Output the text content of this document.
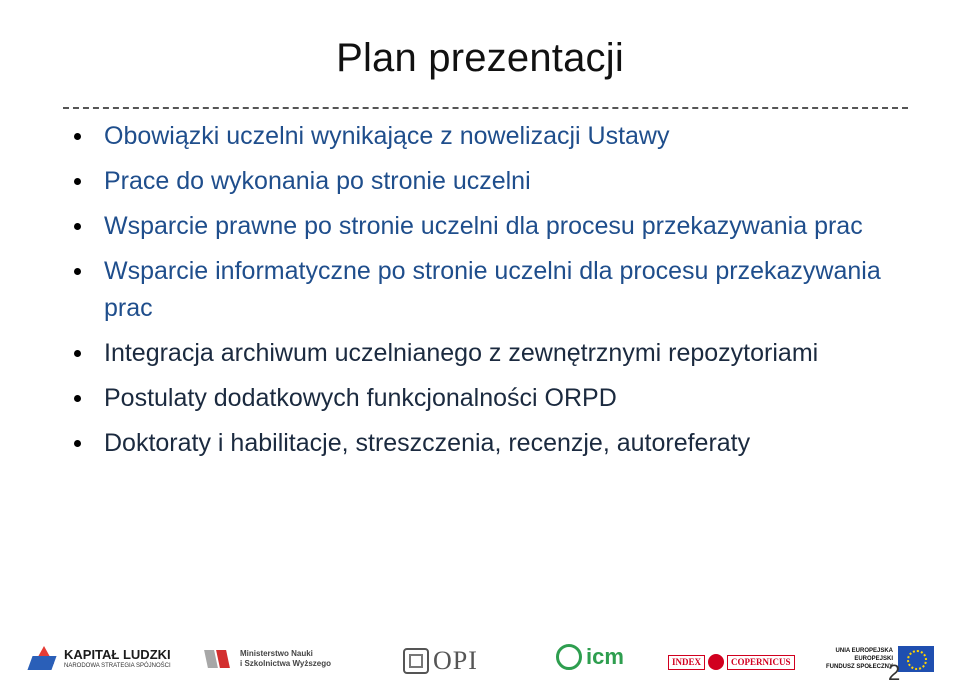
Plan prezentacji
Obowiązki uczelni wynikające z nowelizacji Ustawy
Prace do wykonania po stronie uczelni
Wsparcie prawne po stronie uczelni dla procesu przekazywania prac
Wsparcie informatyczne po stronie uczelni dla procesu przekazywania prac
Integracja archiwum uczelnianego z zewnętrznymi repozytoriami
Postulaty dodatkowych funkcjonalności ORPD
Doktoraty i habilitacje, streszczenia, recenzje, autoreferaty
KAPITAŁ LUDZKI
NARODOWA STRATEGIA SPÓJNOŚCI
Ministerstwo Nauki
i Szkolnictwa Wyższego	OPI	icm	INDEX	COPERNICUS
UNIA EUROPEJSKA
EUROPEJSKI
FUNDUSZ SPOŁECZNY
2
